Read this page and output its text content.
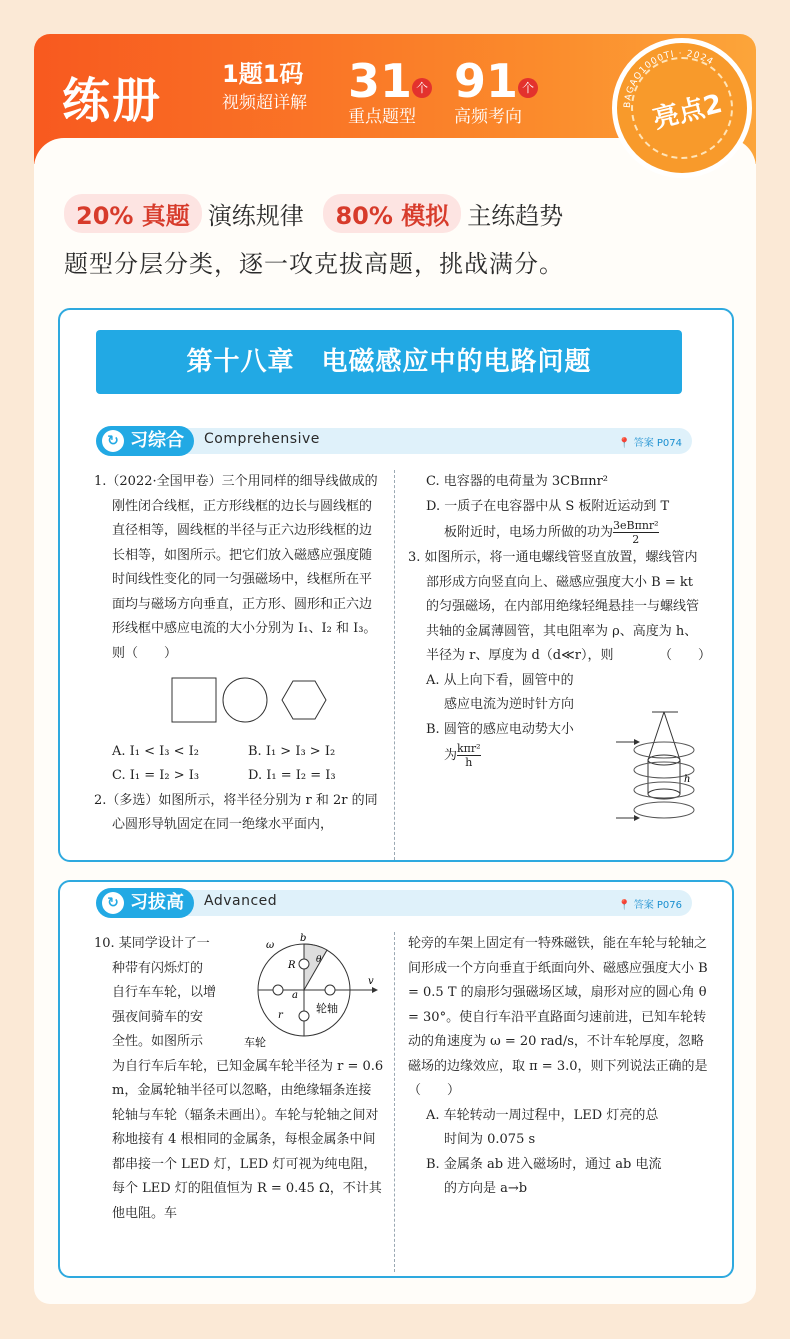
练册 1题1码
视频超详解 31 个
重点题型
91 个
高频考向
BAGAO1000TI · 2024
亮点2
20% 真题 演练规律 80% 模拟 主练趋势
题型分层分类，逐一攻克拔高题，挑战满分。
第十八章　电磁感应中的电路问题
↻ 习综合	Comprehensive	📍 答案 P074

1.（2022·全国甲卷）三个用同样的细导线做成的刚性闭合线框，正方形线框的边长与圆线框的直径相等，圆线框的半径与正六边形线框的边长相等，如图所示。把它们放入磁感应强度随时间线性变化的同一匀强磁场中，线框所在平面均与磁场方向垂直，正方形、圆形和正六边形线框中感应电流的大小分别为 I₁、I₂ 和 I₃。则（　　）

A. I₁ < I₃ < I₂	B. I₁ > I₃ > I₂
C. I₁ = I₂ > I₃	D. I₁ = I₂ = I₃

2.（多选）如图所示，将半径分别为 r 和 2r 的同心圆形导轨固定在同一绝缘水平面内，

C. 电容器的电荷量为 3CBπnr²

D. 一质子在电容器中从 S 板附近运动到 T

板附近时，电场力所做的功为 3eBπnr²
2

3. 如图所示，将一通电螺线管竖直放置，螺线管内部形成方向竖直向上、磁感应强度大小 B = kt 的匀强磁场，在内部用绝缘轻绳悬挂一与螺线管共轴的金属薄圆管，其电阻率为 ρ、高度为 h、半径为 r、厚度为 d（d≪r），则　　　　（　　）

A. 从上向下看，圆管中的

感应电流为逆时针方向

B. 圆管的感应电动势大小

为 kπr²
h

h
↻ 习拔高	Advanced	📍 答案 P076

10. 某同学设计了一

种带有闪烁灯的

自行车车轮，以增

强夜间骑车的安

全性。如图所示

为自行车后车轮，已知金属车轮半径为 r = 0.6 m，金属轮轴半径可以忽略，由绝缘辐条连接轮轴与车轮（辐条未画出）。车轮与轮轴之间对称地接有 4 根相同的金属条，每根金属条中间都串接一个 LED 灯，LED 灯可视为纯电阻，每个 LED 灯的阻值恒为 R = 0.45 Ω，不计其他电阻。车

ω
b
R
a
θ
v
r
轮轴
车轮

轮旁的车架上固定有一特殊磁铁，能在车轮与轮轴之间形成一个方向垂直于纸面向外、磁感应强度大小 B = 0.5 T 的扇形匀强磁场区域，扇形对应的圆心角 θ = 30°。使自行车沿平直路面匀速前进，已知车轮转动的角速度为 ω = 20 rad/s，不计车轮厚度，忽略磁场的边缘效应，取 π = 3.0，则下列说法正确的是　（　　）

A. 车轮转动一周过程中，LED 灯亮的总

时间为 0.075 s

B. 金属条 ab 进入磁场时，通过 ab 电流

的方向是 a→b
